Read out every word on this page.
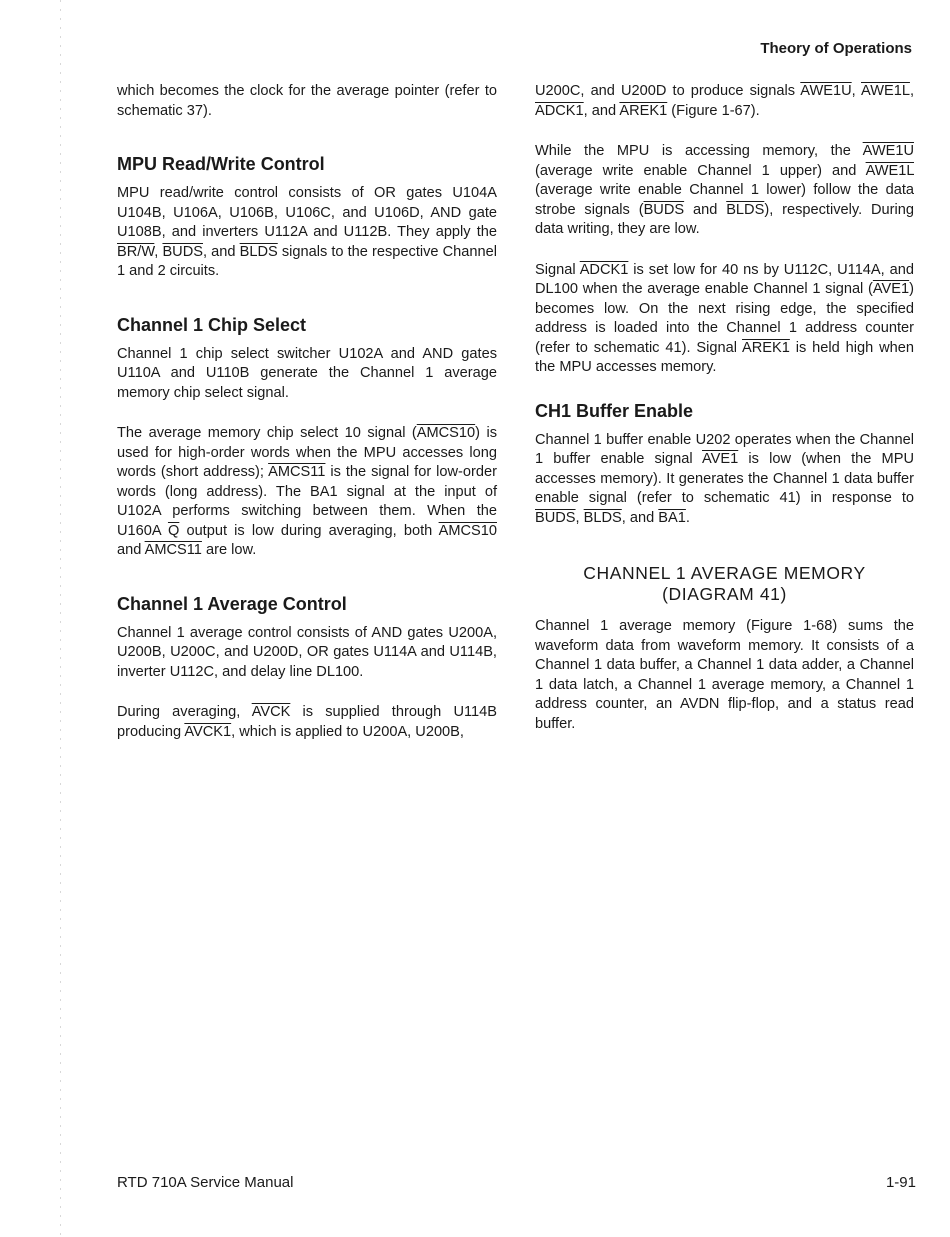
Theory of Operations

which becomes the clock for the average pointer (refer to schematic 37).

MPU Read/Write Control

MPU read/write control consists of OR gates U104A U104B, U106A, U106B, U106C, and U106D, AND gate U108B, and inverters U112A and U112B. They apply the BR/W, BUDS, and BLDS signals to the respective Channel 1 and 2 circuits.

Channel 1 Chip Select

Channel 1 chip select switcher U102A and AND gates U110A and U110B generate the Channel 1 average memory chip select signal.

The average memory chip select 10 signal (AMCS10) is used for high-order words when the MPU accesses long words (short address); AMCS11 is the signal for low-order words (long address). The BA1 signal at the input of U102A performs switching between them. When the U160A $\overline{Q}$ output is low during averaging, both AMCS10 and AMCS11 are low.

Channel 1 Average Control

Channel 1 average control consists of AND gates U200A, U200B, U200C, and U200D, OR gates U114A and U114B, inverter U112C, and delay line DL100.

During averaging, AVCK is supplied through U114B producing AVCK1, which is applied to U200A, U200B,

U200C, and U200D to produce signals AWE1U, AWE1L, ADCK1, and AREK1 (Figure 1-67).

While the MPU is accessing memory, the AWE1U (average write enable Channel 1 upper) and AWE1L (average write enable Channel 1 lower) follow the data strobe signals (BUDS and BLDS), respectively. During data writing, they are low.

Signal ADCK1 is set low for 40 ns by U112C, U114A, and DL100 when the average enable Channel 1 signal (AVE1) becomes low. On the next rising edge, the specified address is loaded into the Channel 1 address counter (refer to schematic 41). Signal AREK1 is held high when the MPU accesses memory.

CH1 Buffer Enable

Channel 1 buffer enable U202 operates when the Channel 1 buffer enable signal AVE1 is low (when the MPU accesses memory). It generates the Channel 1 data buffer enable signal (refer to schematic 41) in response to BUDS, BLDS, and BA1.

CHANNEL 1 AVERAGE MEMORY
(DIAGRAM 41)

Channel 1 average memory (Figure 1-68) sums the waveform data from waveform memory. It consists of a Channel 1 data buffer, a Channel 1 data adder, a Channel 1 data latch, a Channel 1 average memory, a Channel 1 address counter, an AVDN flip-flop, and a status read buffer.

RTD 710A Service Manual	1-91
